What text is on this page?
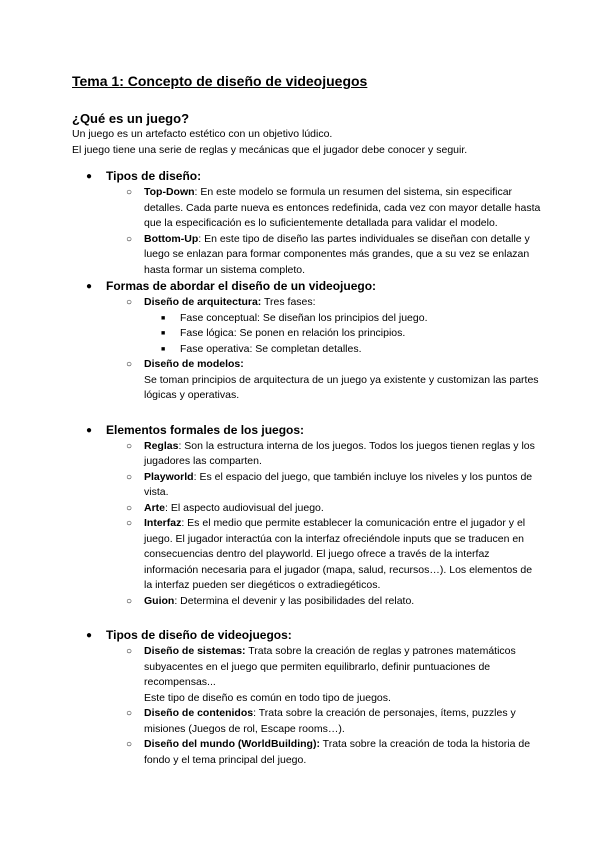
Tema 1: Concepto de diseño de videojuegos
¿Qué es un juego?

Un juego es un artefacto estético con un objetivo lúdico.

El juego tiene una serie de reglas y mecánicas que el jugador debe conocer y seguir.

● Tipos de diseño:
○ Top-Down: En este modelo se formula un resumen del sistema, sin especificar detalles. Cada parte nueva es entonces redefinida, cada vez con mayor detalle hasta que la especificación es lo suficientemente detallada para validar el modelo.
○ Bottom-Up: En este tipo de diseño las partes individuales se diseñan con detalle y luego se enlazan para formar componentes más grandes, que a su vez se enlazan hasta formar un sistema completo.
● Formas de abordar el diseño de un videojuego:
○ Diseño de arquitectura: Tres fases:
■ Fase conceptual: Se diseñan los principios del juego.
■ Fase lógica: Se ponen en relación los principios.
■ Fase operativa: Se completan detalles.
○ Diseño de modelos:
Se toman principios de arquitectura de un juego ya existente y customizan las partes lógicas y operativas.
● Elementos formales de los juegos:
○ Reglas: Son la estructura interna de los juegos. Todos los juegos tienen reglas y los jugadores las comparten.
○ Playworld: Es el espacio del juego, que también incluye los niveles y los puntos de vista.
○ Arte: El aspecto audiovisual del juego.
○ Interfaz: Es el medio que permite establecer la comunicación entre el jugador y el juego. El jugador interactúa con la interfaz ofreciéndole inputs que se traducen en consecuencias dentro del playworld. El juego ofrece a través de la interfaz información necesaria para el jugador (mapa, salud, recursos…). Los elementos de la interfaz pueden ser diegéticos o extradiegéticos.
○ Guion: Determina el devenir y las posibilidades del relato.
● Tipos de diseño de videojuegos:
○ Diseño de sistemas: Trata sobre la creación de reglas y patrones matemáticos subyacentes en el juego que permiten equilibrarlo, definir puntuaciones de recompensas...
Este tipo de diseño es común en todo tipo de juegos.
○ Diseño de contenidos: Trata sobre la creación de personajes, ítems, puzzles y misiones (Juegos de rol, Escape rooms…).
○ Diseño del mundo (WorldBuilding): Trata sobre la creación de toda la historia de fondo y el tema principal del juego.
